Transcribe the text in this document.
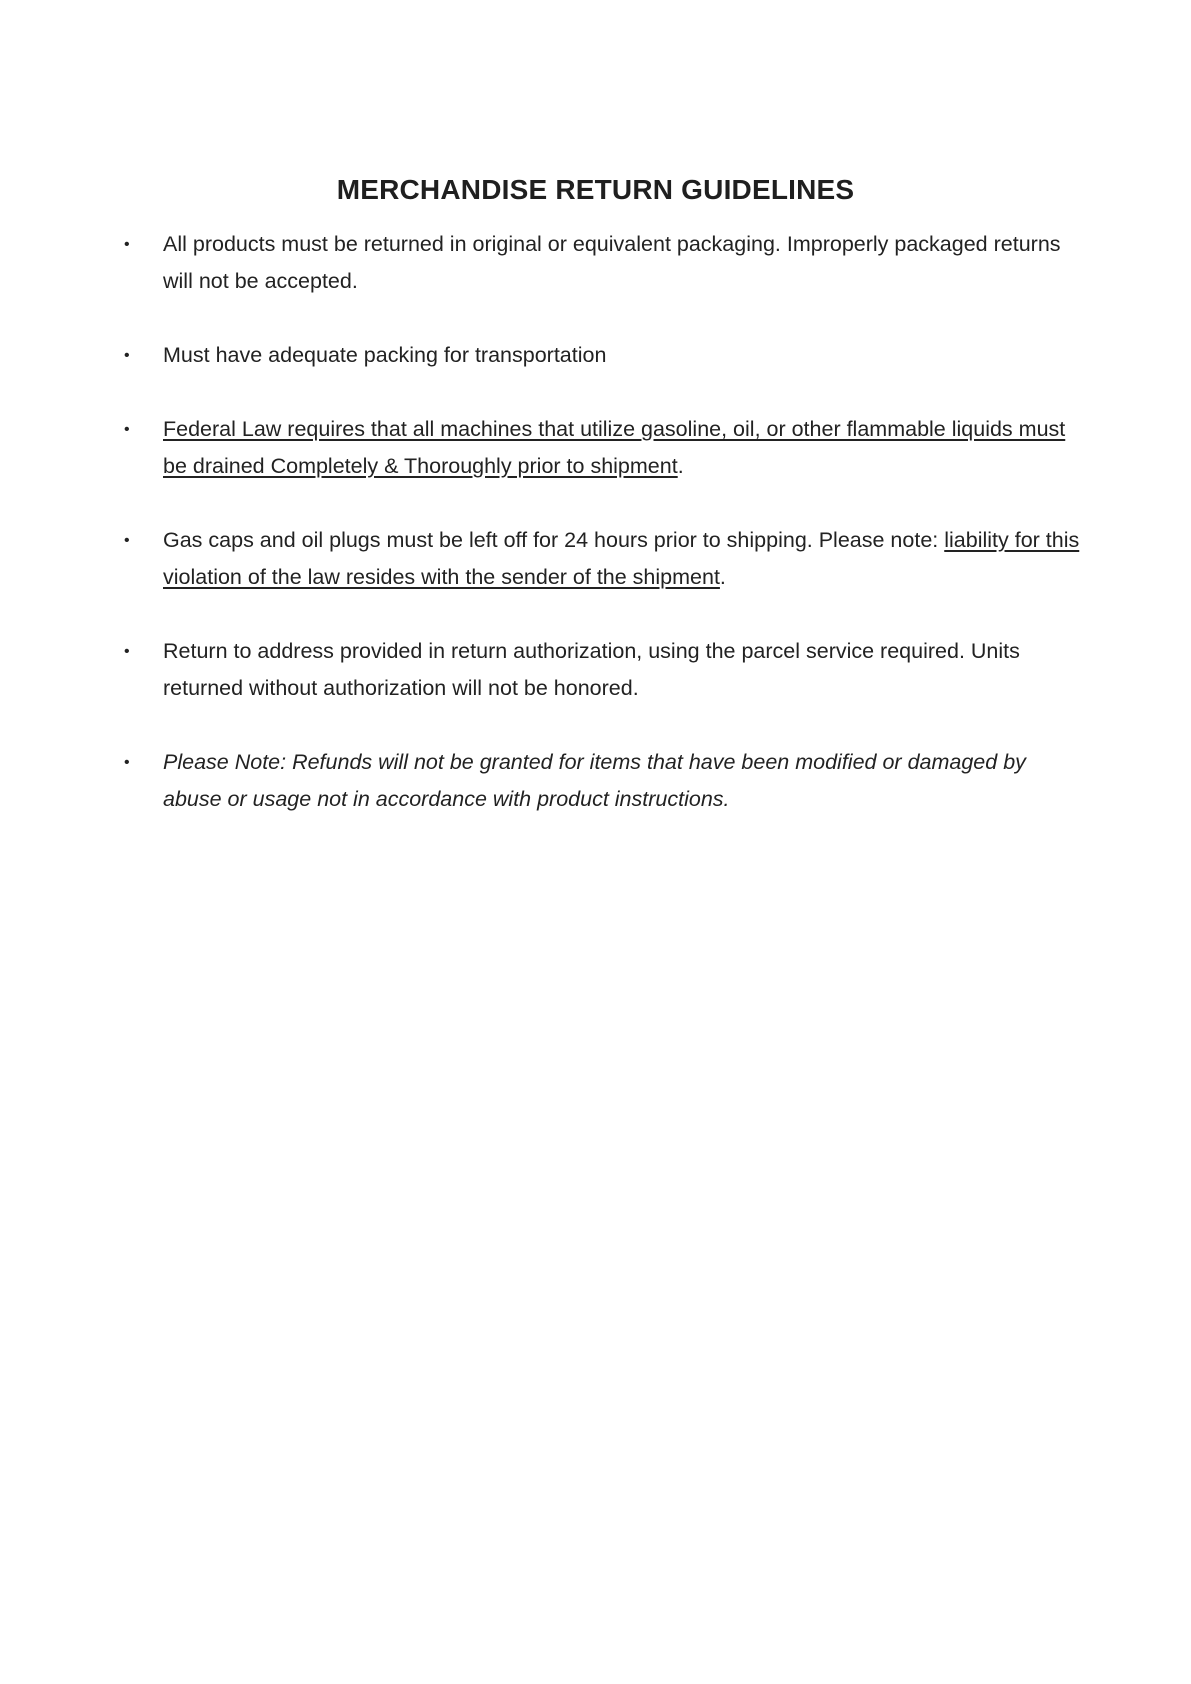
MERCHANDISE RETURN GUIDELINES
• All products must be returned in original or equivalent packaging. Improperly packaged returns will not be accepted.
• Must have adequate packing for transportation
• Federal Law requires that all machines that utilize gasoline, oil, or other flammable liquids must be drained Completely & Thoroughly prior to shipment.
• Gas caps and oil plugs must be left off for 24 hours prior to shipping. Please note: liability for this violation of the law resides with the sender of the shipment.
• Return to address provided in return authorization, using the parcel service required. Units returned without authorization will not be honored.
• Please Note: Refunds will not be granted for items that have been modified or damaged by abuse or usage not in accordance with product instructions.
